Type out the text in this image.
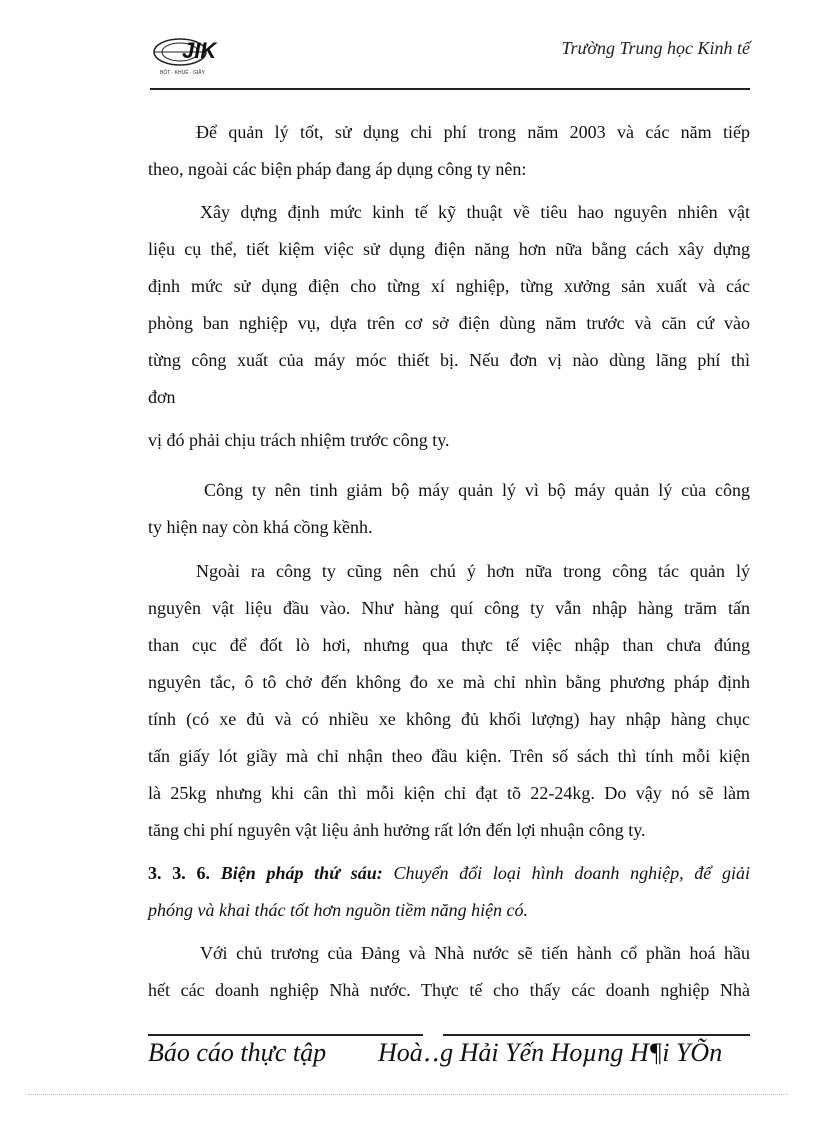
JIK
BỘT · KHUÊ · GIẦY
Trường Trung học Kinh tế

Để quản lý tốt, sử dụng chi phí trong năm 2003 và các năm tiếp

theo, ngoài các biện pháp đang áp dụng công ty nên:

Xây dựng định mức kinh tế kỹ thuật về tiêu hao nguyên nhiên vật

liệu cụ thể, tiết kiệm việc sử dụng điện năng hơn nữa bằng cách xây dựng

định mức sử dụng điện cho từng xí nghiệp, từng xưởng sản xuất và các

phòng ban nghiệp vụ, dựa trên cơ sở điện dùng năm trước và căn cứ vào

từng công xuất của máy móc thiết bị. Nếu đơn vị nào dùng lãng phí thì

đơn

vị đó phải chịu trách nhiệm trước công ty.

Công ty nên tinh giảm bộ máy quản lý vì bộ máy quản lý của công

ty hiện nay còn khá cồng kềnh.

Ngoài ra công ty cũng nên chú ý hơn nữa trong công tác quản lý

nguyên vật liệu đầu vào. Như hàng quí công ty vẫn nhập hàng trăm tấn

than cục để đốt lò hơi, nhưng qua thực tế việc nhập than chưa đúng

nguyên tắc, ô tô chở đến không đo xe mà chỉ nhìn bằng phương pháp định

tính (có xe đủ và có nhiều xe không đủ khối lượng) hay nhập hàng chục

tấn giấy lót giầy mà chỉ nhận theo đầu kiện. Trên số sách thì tính mỗi kiện

là 25kg nhưng khi cân thì mỗi kiện chỉ đạt tõ 22-24kg. Do vậy nó sẽ làm

tăng chi phí nguyên vật liệu ảnh hưởng rất lớn đến lợi nhuận công ty.

3. 3. 6. Biện pháp thứ sáu: Chuyển đổi loại hình doanh nghiệp, để giải

phóng và khai thác tốt hơn nguồn tiềm năng hiện có.

Với chủ trương của Đảng và Nhà nước sẽ tiến hành cổ phần hoá hầu

hết các doanh nghiệp Nhà nước. Thực tế cho thấy các doanh nghiệp Nhà

Báo cáo thực tập Hoà‥g Hải Yến Hoµng H¶i YÕn
